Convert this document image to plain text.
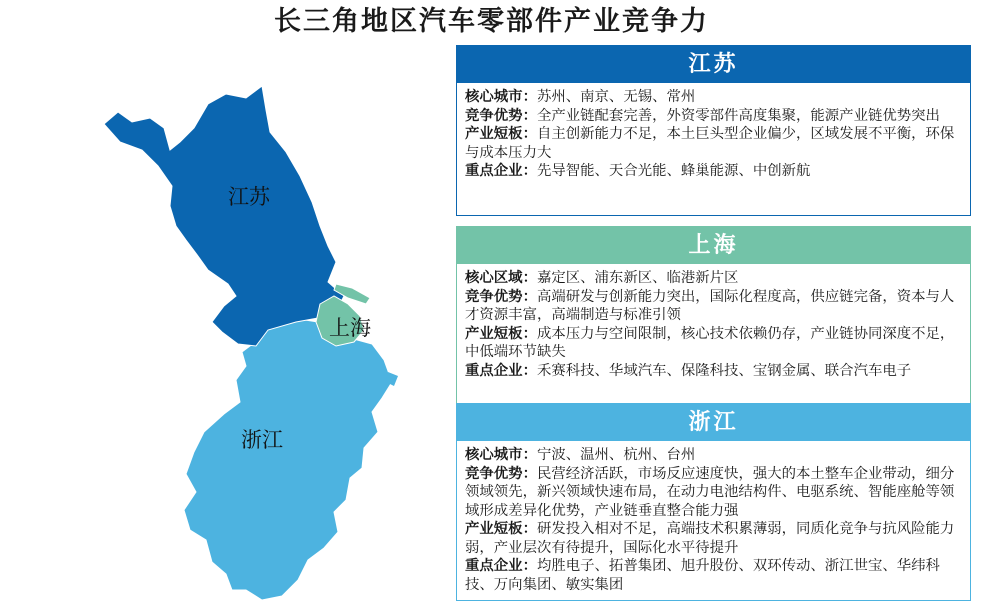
长三角地区汽车零部件产业竞争力
江苏
上海
浙江
江苏

核心城市：苏州、南京、无锡、常州

竞争优势：全产业链配套完善，外资零部件高度集聚，能源产业链优势突出

产业短板：自主创新能力不足，本土巨头型企业偏少，区域发展不平衡，环保与成本压力大

重点企业：先导智能、天合光能、蜂巢能源、中创新航

上海

核心区域：嘉定区、浦东新区、临港新片区

竞争优势：高端研发与创新能力突出，国际化程度高，供应链完备，资本与人才资源丰富，高端制造与标准引领

产业短板：成本压力与空间限制，核心技术依赖仍存，产业链协同深度不足，中低端环节缺失

重点企业：禾赛科技、华域汽车、保隆科技、宝钢金属、联合汽车电子

浙江

核心城市：宁波、温州、杭州、台州

竞争优势：民营经济活跃，市场反应速度快，强大的本土整车企业带动，细分领域领先，新兴领域快速布局，在动力电池结构件、电驱系统、智能座舱等领域形成差异化优势，产业链垂直整合能力强

产业短板：研发投入相对不足，高端技术积累薄弱，同质化竞争与抗风险能力弱，产业层次有待提升，国际化水平待提升

重点企业：均胜电子、拓普集团、旭升股份、双环传动、浙江世宝、华纬科技、万向集团、敏实集团
